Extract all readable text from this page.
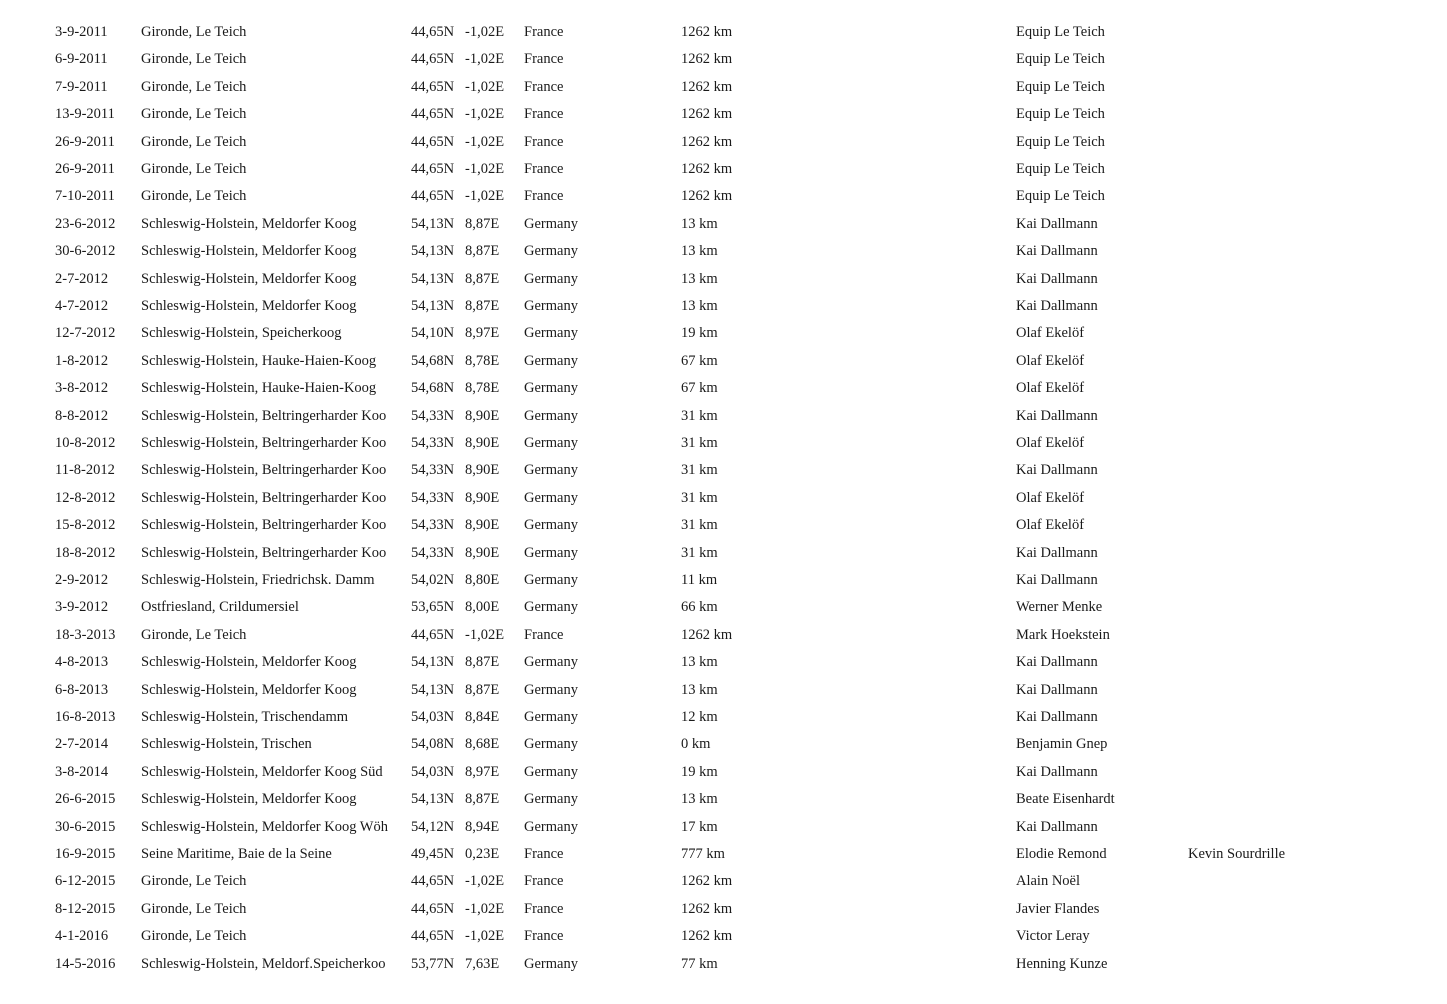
3-9-2011 Gironde, Le Teich	44,65N -1,02E France	1262 km	Equip Le Teich
6-9-2011 Gironde, Le Teich	44,65N -1,02E France	1262 km	Equip Le Teich
7-9-2011 Gironde, Le Teich	44,65N -1,02E France	1262 km	Equip Le Teich
13-9-2011 Gironde, Le Teich	44,65N -1,02E France	1262 km	Equip Le Teich
26-9-2011 Gironde, Le Teich	44,65N -1,02E France	1262 km	Equip Le Teich
26-9-2011 Gironde, Le Teich	44,65N -1,02E France	1262 km	Equip Le Teich
7-10-2011 Gironde, Le Teich	44,65N -1,02E France	1262 km	Equip Le Teich
23-6-2012 Schleswig-Holstein, Meldorfer Koog	54,13N 8,87E Germany	13 km	Kai Dallmann
30-6-2012 Schleswig-Holstein, Meldorfer Koog	54,13N 8,87E Germany	13 km	Kai Dallmann
2-7-2012 Schleswig-Holstein, Meldorfer Koog	54,13N 8,87E Germany	13 km	Kai Dallmann
4-7-2012 Schleswig-Holstein, Meldorfer Koog	54,13N 8,87E Germany	13 km	Kai Dallmann
12-7-2012 Schleswig-Holstein, Speicherkoog	54,10N 8,97E Germany	19 km	Olaf Ekelöf
1-8-2012 Schleswig-Holstein, Hauke-Haien-Koog 54,68N 8,78E Germany	67 km	Olaf Ekelöf
3-8-2012 Schleswig-Holstein, Hauke-Haien-Koog 54,68N 8,78E Germany	67 km	Olaf Ekelöf
8-8-2012 Schleswig-Holstein, Beltringerharder Koo 54,33N 8,90E Germany	31 km	Kai Dallmann
10-8-2012 Schleswig-Holstein, Beltringerharder Koo 54,33N 8,90E Germany	31 km	Olaf Ekelöf
11-8-2012 Schleswig-Holstein, Beltringerharder Koo 54,33N 8,90E Germany	31 km	Kai Dallmann
12-8-2012 Schleswig-Holstein, Beltringerharder Koo 54,33N 8,90E Germany	31 km	Olaf Ekelöf
15-8-2012 Schleswig-Holstein, Beltringerharder Koo 54,33N 8,90E Germany	31 km	Olaf Ekelöf
18-8-2012 Schleswig-Holstein, Beltringerharder Koo 54,33N 8,90E Germany	31 km	Kai Dallmann
2-9-2012 Schleswig-Holstein, Friedrichsk. Damm	54,02N 8,80E Germany	11 km	Kai Dallmann
3-9-2012 Ostfriesland, Crildumersiel	53,65N 8,00E Germany	66 km	Werner Menke
18-3-2013 Gironde, Le Teich	44,65N -1,02E France	1262 km	Mark Hoekstein
4-8-2013 Schleswig-Holstein, Meldorfer Koog	54,13N 8,87E Germany	13 km	Kai Dallmann
6-8-2013 Schleswig-Holstein, Meldorfer Koog	54,13N 8,87E Germany	13 km	Kai Dallmann
16-8-2013 Schleswig-Holstein, Trischendamm	54,03N 8,84E Germany	12 km	Kai Dallmann
2-7-2014 Schleswig-Holstein, Trischen	54,08N 8,68E Germany	0 km	Benjamin Gnep
3-8-2014 Schleswig-Holstein, Meldorfer Koog Süd 54,03N 8,97E Germany	19 km	Kai Dallmann
26-6-2015 Schleswig-Holstein, Meldorfer Koog	54,13N 8,87E Germany	13 km	Beate Eisenhardt
30-6-2015 Schleswig-Holstein, Meldorfer Koog Wöh 54,12N 8,94E Germany	17 km	Kai Dallmann
16-9-2015 Seine Maritime, Baie de la Seine	49,45N 0,23E France	777 km	Elodie Remond	Kevin Sourdrille
6-12-2015 Gironde, Le Teich	44,65N -1,02E France	1262 km	Alain Noël
8-12-2015 Gironde, Le Teich	44,65N -1,02E France	1262 km	Javier Flandes
4-1-2016 Gironde, Le Teich	44,65N -1,02E France	1262 km	Victor Leray
14-5-2016 Schleswig-Holstein, Meldorf.Speicherkoo 53,77N 7,63E Germany	77 km	Henning Kunze
